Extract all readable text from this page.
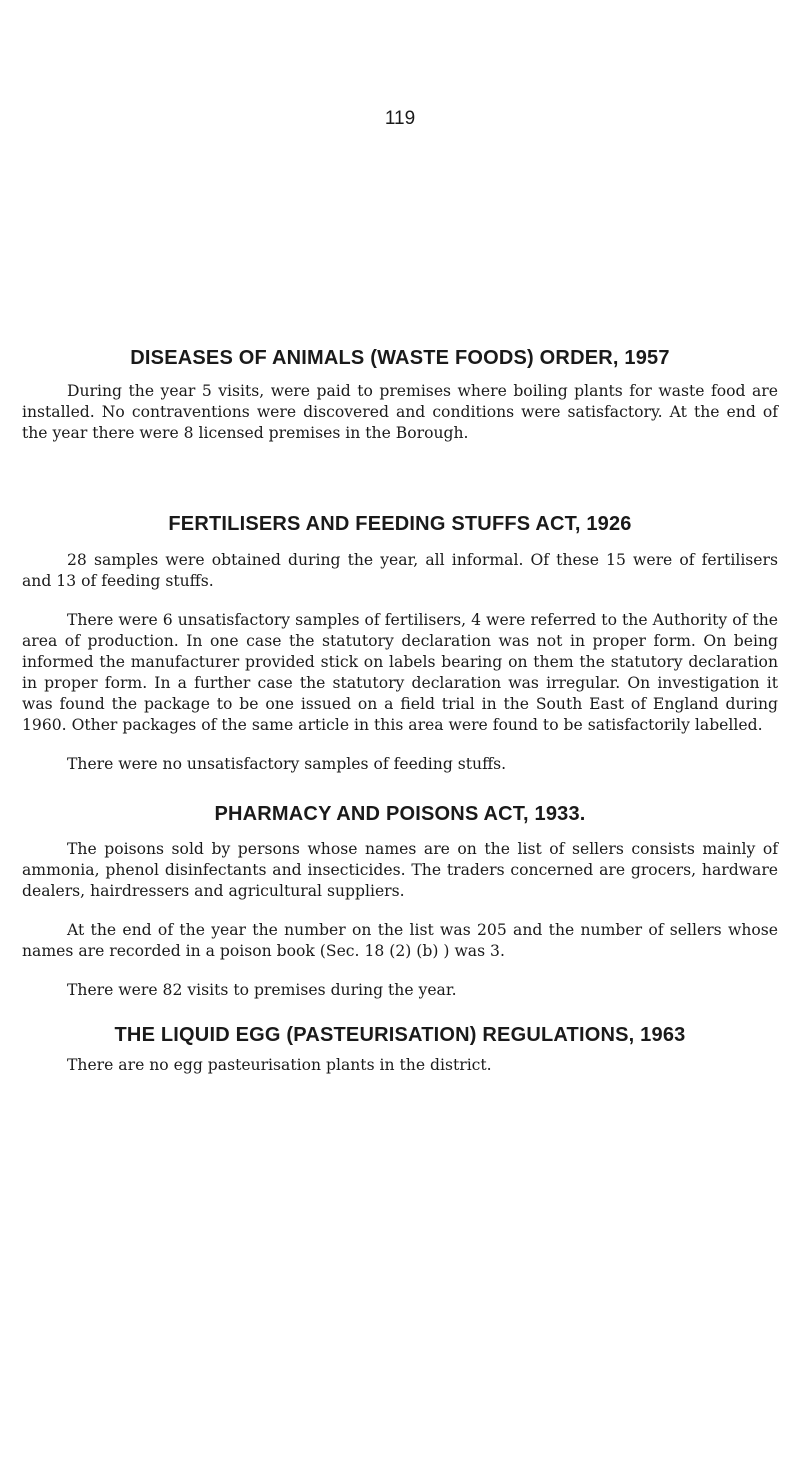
119
DISEASES OF ANIMALS (WASTE FOODS) ORDER, 1957

During the year 5 visits, were paid to premises where boiling plants for waste food are installed. No contraventions were discovered and conditions were satisfactory. At the end of the year there were 8 licensed premises in the Borough.

FERTILISERS AND FEEDING STUFFS ACT, 1926

28 samples were obtained during the year, all informal. Of these 15 were of fertilisers and 13 of feeding stuffs.

There were 6 unsatisfactory samples of fertilisers, 4 were referred to the Authority of the area of production. In one case the statutory declaration was not in proper form. On being informed the manufacturer provided stick on labels bearing on them the statutory declaration in proper form. In a further case the statutory declaration was irregular. On investigation it was found the package to be one issued on a field trial in the South East of England during 1960. Other packages of the same article in this area were found to be satisfactorily labelled.

There were no unsatisfactory samples of feeding stuffs.

PHARMACY AND POISONS ACT, 1933.

The poisons sold by persons whose names are on the list of sellers consists mainly of ammonia, phenol disinfectants and insecticides. The traders concerned are grocers, hardware dealers, hairdressers and agricultural suppliers.

At the end of the year the number on the list was 205 and the number of sellers whose names are recorded in a poison book (Sec. 18 (2) (b) ) was 3.

There were 82 visits to premises during the year.

THE LIQUID EGG (PASTEURISATION) REGULATIONS, 1963

There are no egg pasteurisation plants in the district.
